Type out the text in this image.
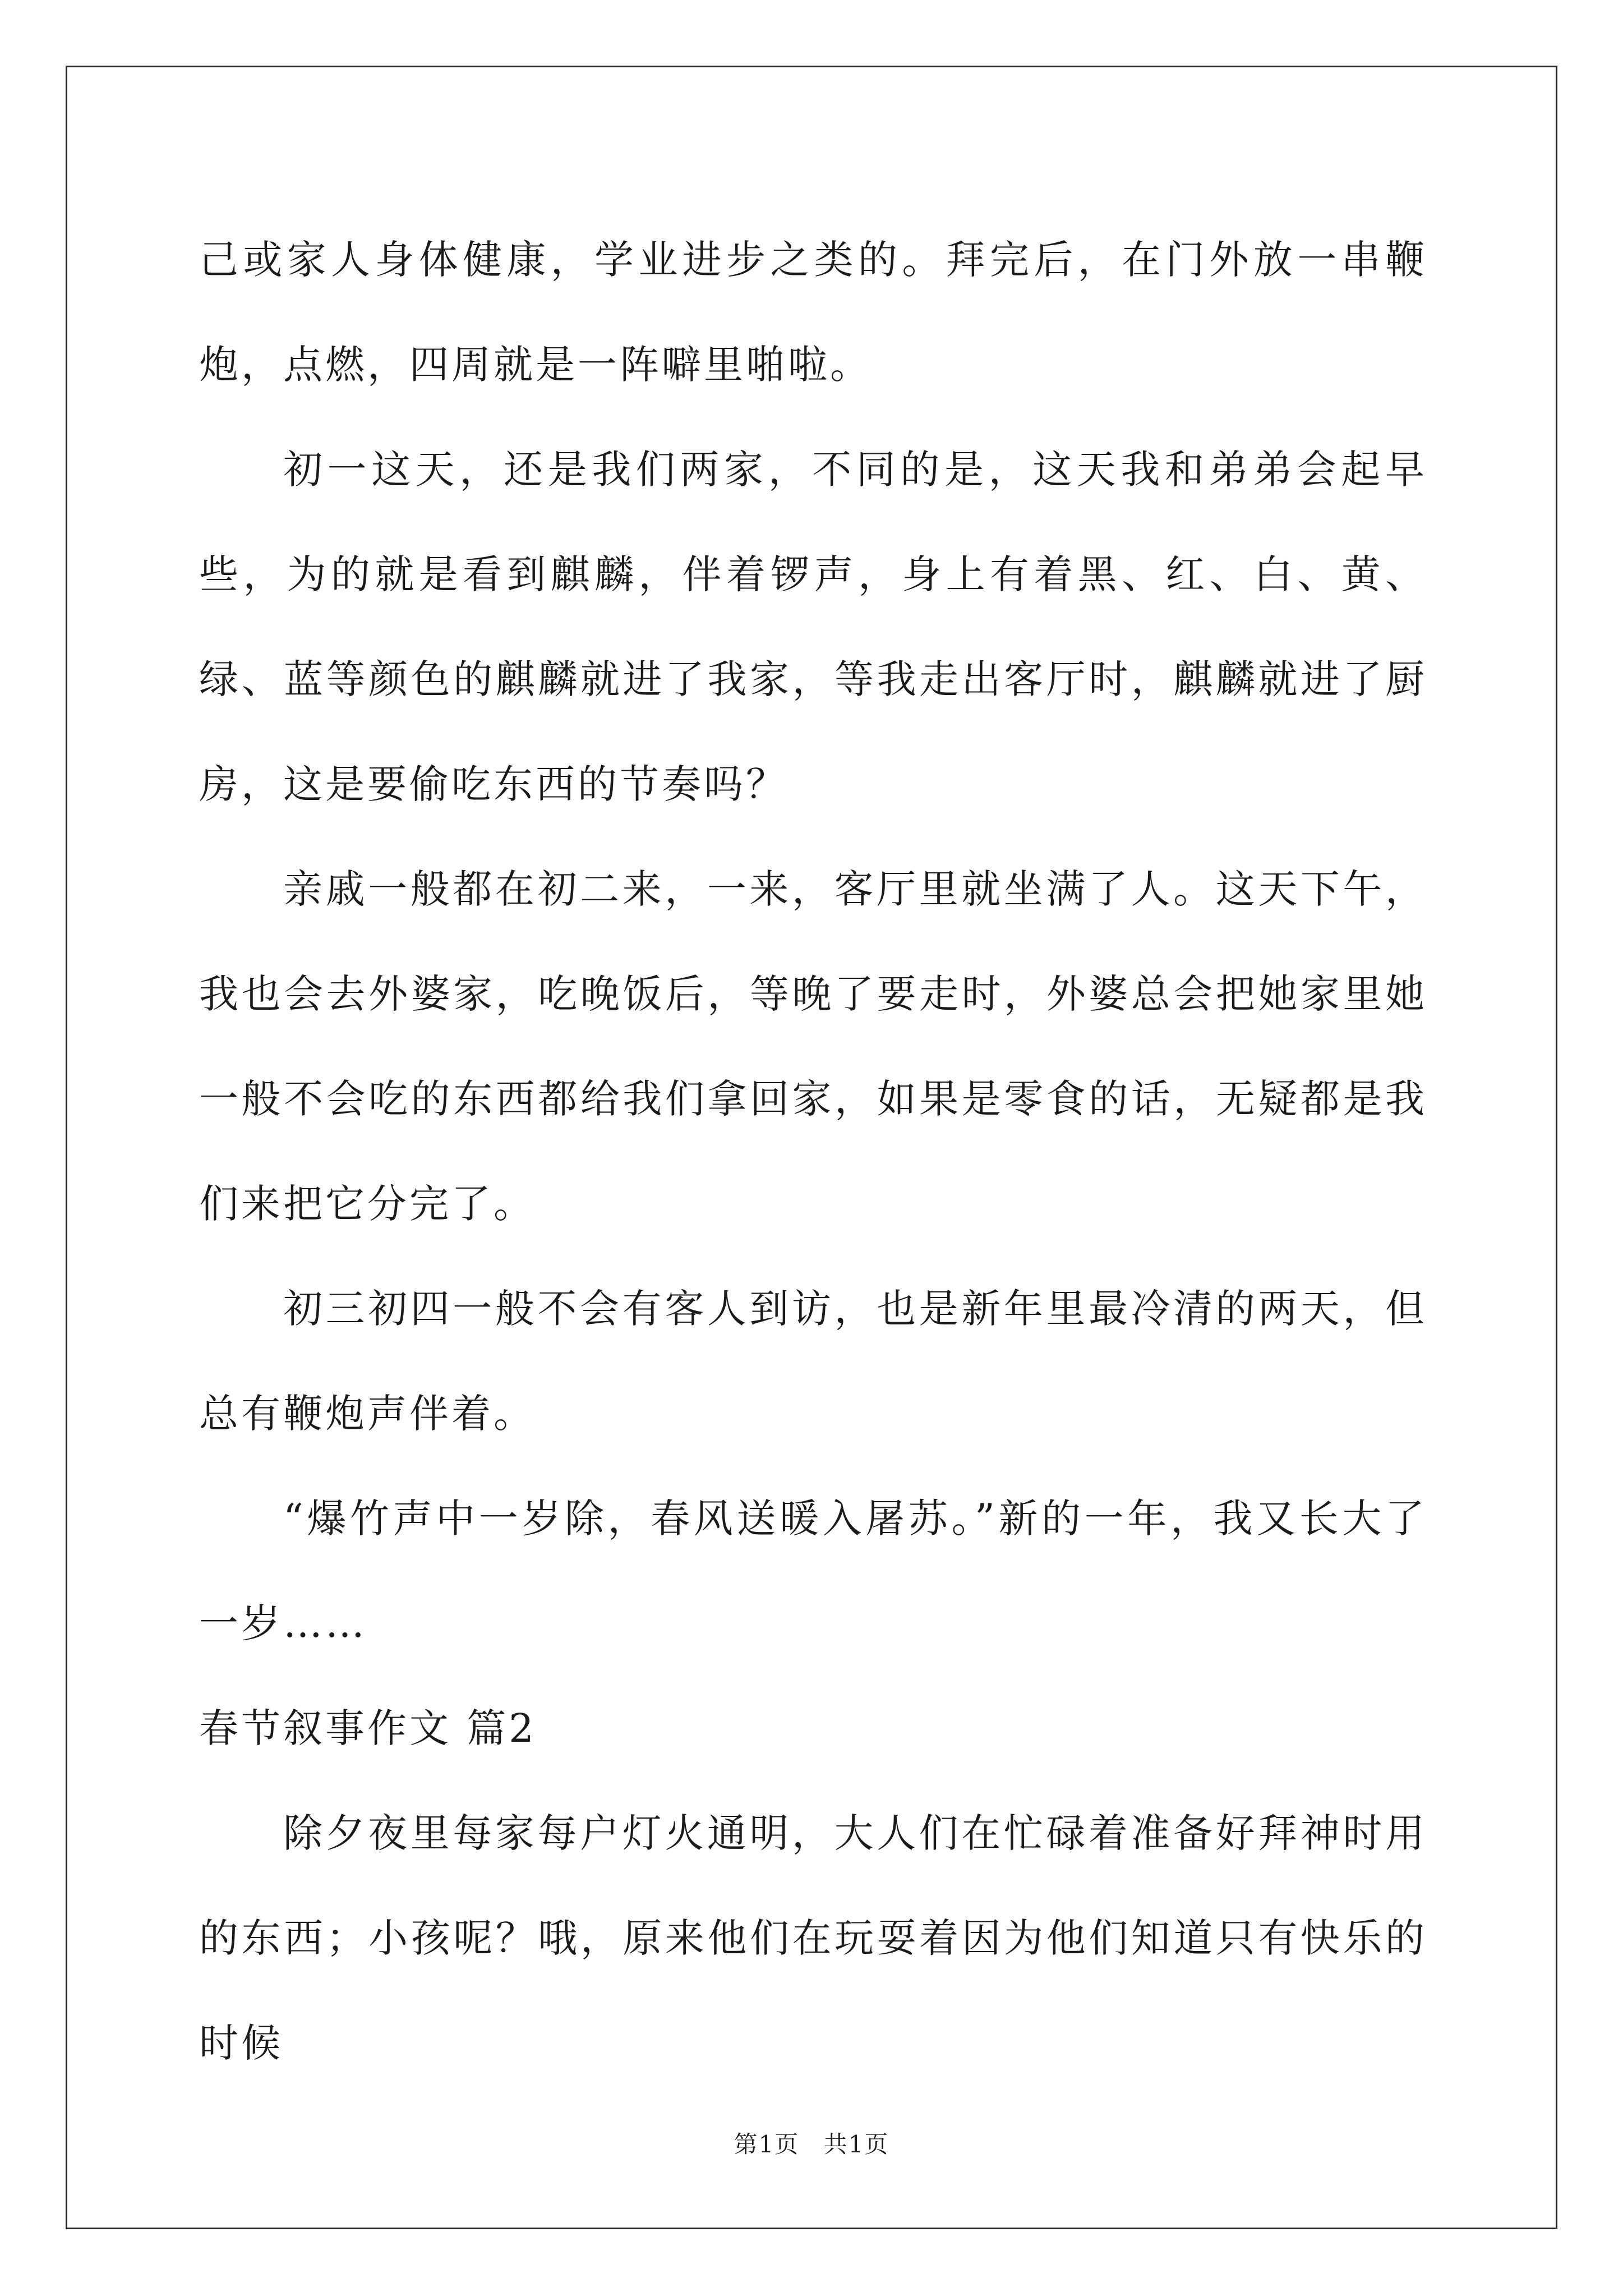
己或家人身体健康，学业进步之类的。拜完后，在门外放一串鞭炮，点燃，四周就是一阵噼里啪啦。

初一这天，还是我们两家，不同的是，这天我和弟弟会起早些，为的就是看到麒麟，伴着锣声，身上有着黑、红、白、黄、绿、蓝等颜色的麒麟就进了我家，等我走出客厅时，麒麟就进了厨房，这是要偷吃东西的节奏吗？

亲戚一般都在初二来，一来，客厅里就坐满了人。这天下午，我也会去外婆家，吃晚饭后，等晚了要走时，外婆总会把她家里她一般不会吃的东西都给我们拿回家，如果是零食的话，无疑都是我们来把它分完了。

初三初四一般不会有客人到访，也是新年里最冷清的两天，但总有鞭炮声伴着。

“爆竹声中一岁除，春风送暖入屠苏。”新的一年，我又长大了一岁……

春节叙事作文 篇2

除夕夜里每家每户灯火通明，大人们在忙碌着准备好拜神时用的东西；小孩呢？哦，原来他们在玩耍着因为他们知道只有快乐的时候

第1页 共1页
